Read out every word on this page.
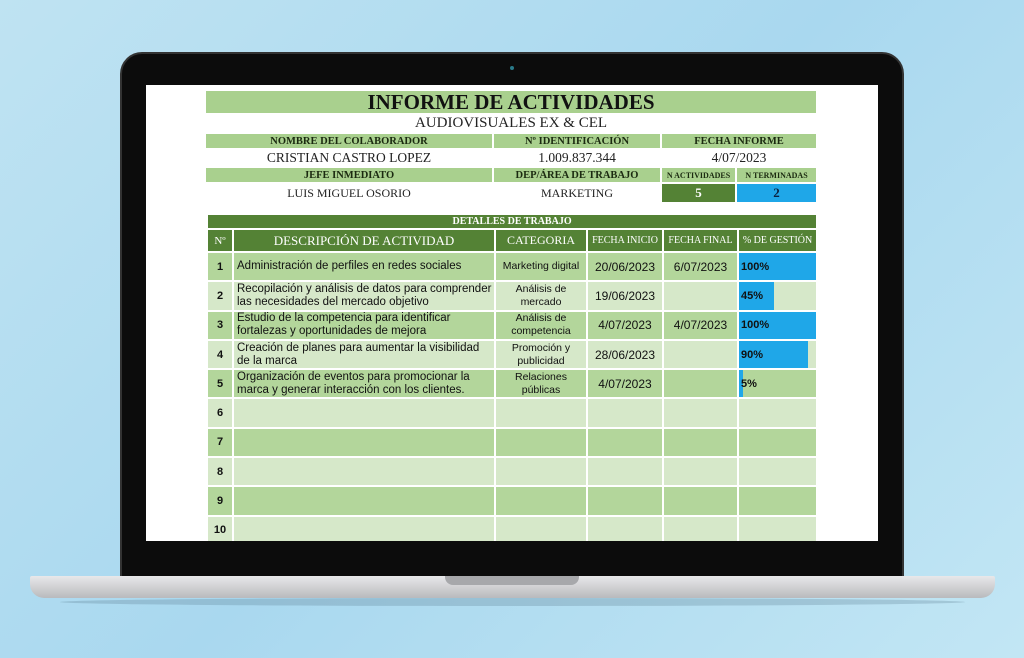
INFORME DE ACTIVIDADES
AUDIOVISUALES EX & CEL
NOMBRE DEL COLABORADOR	Nº IDENTIFICACIÓN	FECHA INFORME
CRISTIAN CASTRO LOPEZ	1.009.837.344	4/07/2023
JEFE INMEDIATO	DEP/ÁREA DE TRABAJO	N ACTIVIDADES	N TERMINADAS
LUIS MIGUEL OSORIO	MARKETING	5	2
DETALLES DE TRABAJO					
Nº	DESCRIPCIÓN DE ACTIVIDAD	CATEGORIA	FECHA INICIO	FECHA FINAL	% DE GESTIÓN
1	Administración de perfiles en redes sociales	Marketing digital	20/06/2023	6/07/2023	100%
2	Recopilación y análisis de datos para comprender las necesidades del mercado objetivo	Análisis de mercado	19/06/2023		45%
3	Estudio de la competencia para identificar fortalezas y oportunidades de mejora	Análisis de competencia	4/07/2023	4/07/2023	100%
4	Creación de planes para aumentar la visibilidad de la marca	Promoción y publicidad	28/06/2023		90%
5	Organización de eventos para promocionar la marca y generar interacción con los clientes.	Relaciones públicas	4/07/2023		5%
6					

7					

8					

9					

10					
